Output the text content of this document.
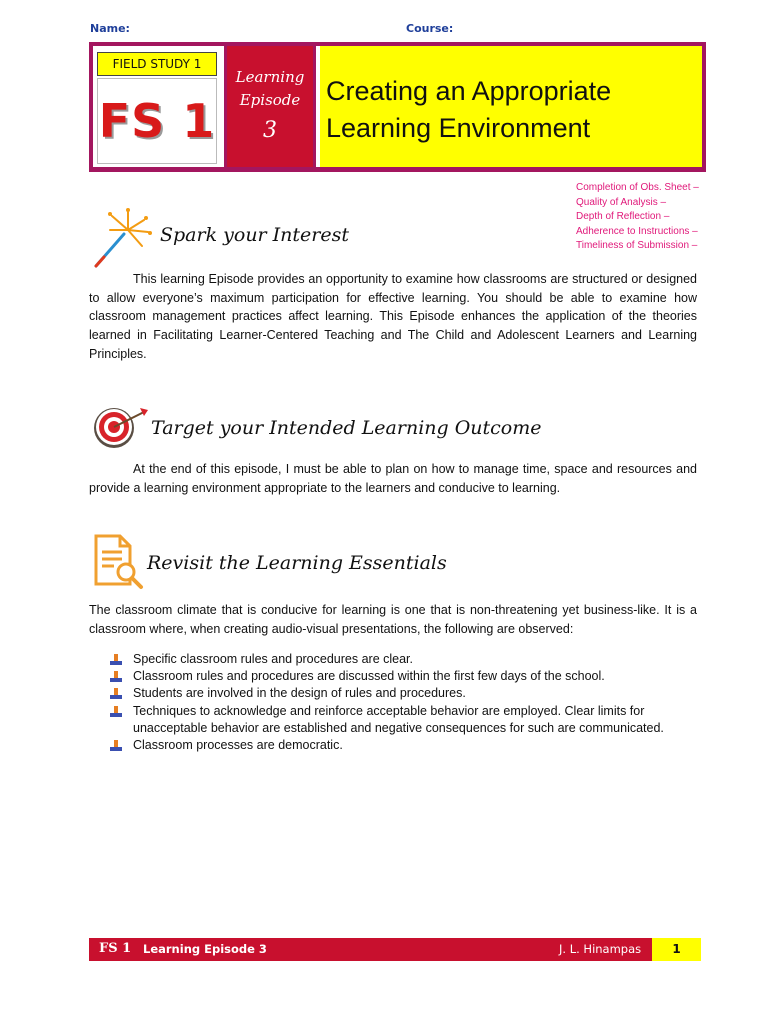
Name:	Course:
FIELD STUDY 1
FS 1
Learning
Episode
3
Creating an Appropriate
Learning Environment
Completion of Obs. Sheet –
Quality of Analysis –
Depth of Reflection –
Adherence to Instructions –
Timeliness of Submission –
Spark your Interest

This learning Episode provides an opportunity to examine how classrooms are structured or designed to allow everyone’s maximum participation for effective learning. You should be able to examine how classroom management practices affect learning. This Episode enhances the application of the theories learned in Facilitating Learner-Centered Teaching and The Child and Adolescent Learners and Learning Principles.

Target your Intended Learning Outcome

At the end of this episode, I must be able to plan on how to manage time, space and resources and provide a learning environment appropriate to the learners and conducive to learning.

Revisit the Learning Essentials

The classroom climate that is conducive for learning is one that is non-threatening yet business-like. It is a classroom where, when creating audio-visual presentations, the following are observed:

Specific classroom rules and procedures are clear.
Classroom rules and procedures are discussed within the first few days of the school.
Students are involved in the design of rules and procedures.
Techniques to acknowledge and reinforce acceptable behavior are employed. Clear limits for unacceptable behavior are established and negative consequences for such are communicated.
Classroom processes are democratic.
FS 1 Learning Episode 3	J. L. Hinampas	1
